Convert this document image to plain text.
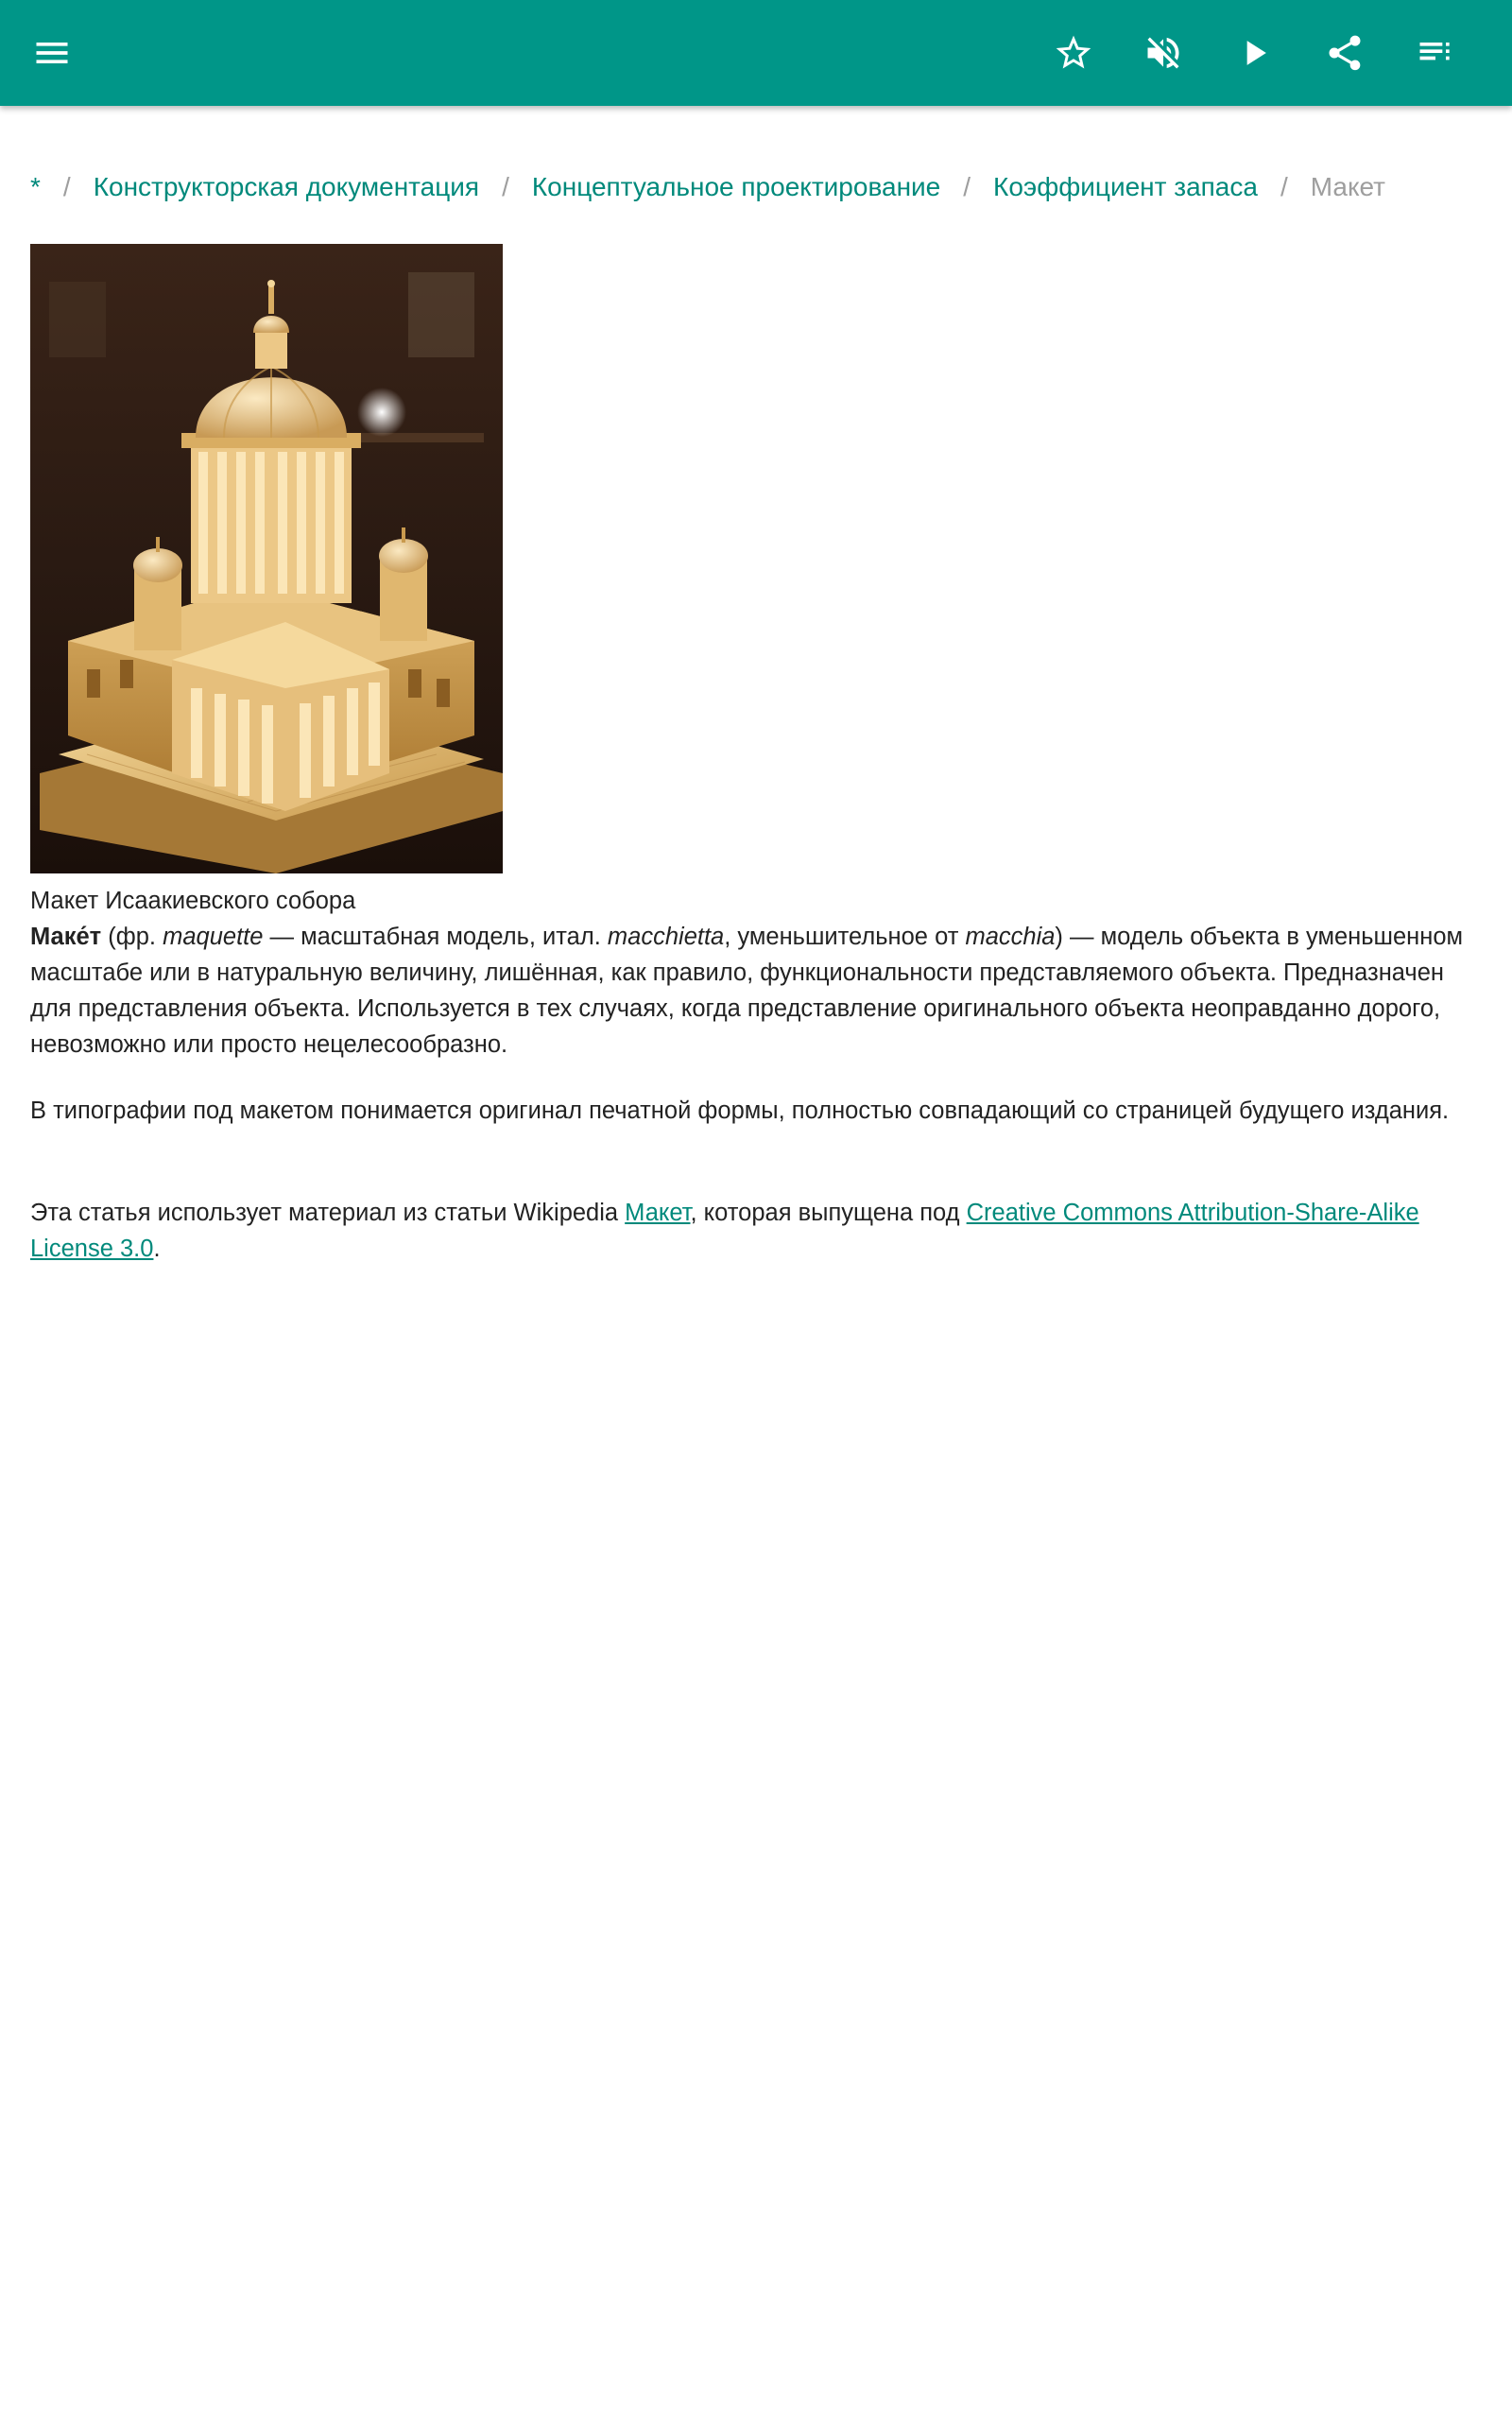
* / Конструкторская документация / Концептуальное проектирование / Коэффициент запаса / Макет

Макет Исаакиевского собора

Маке́т (фр. maquette — масштабная модель, итал. macchietta, уменьшительное от macchia) — модель объекта в уменьшенном масштабе или в натуральную величину, лишённая, как правило, функциональности представляемого объекта. Предназначен для представления объекта. Используется в тех случаях, когда представление оригинального объекта неоправданно дорого, невозможно или просто нецелесообразно.

В типографии под макетом понимается оригинал печатной формы, полностью совпадающий со страницей будущего издания.

Эта статья использует материал из статьи Wikipedia Макет, которая выпущена под Creative Commons Attribution-Share-Alike License 3.0.
